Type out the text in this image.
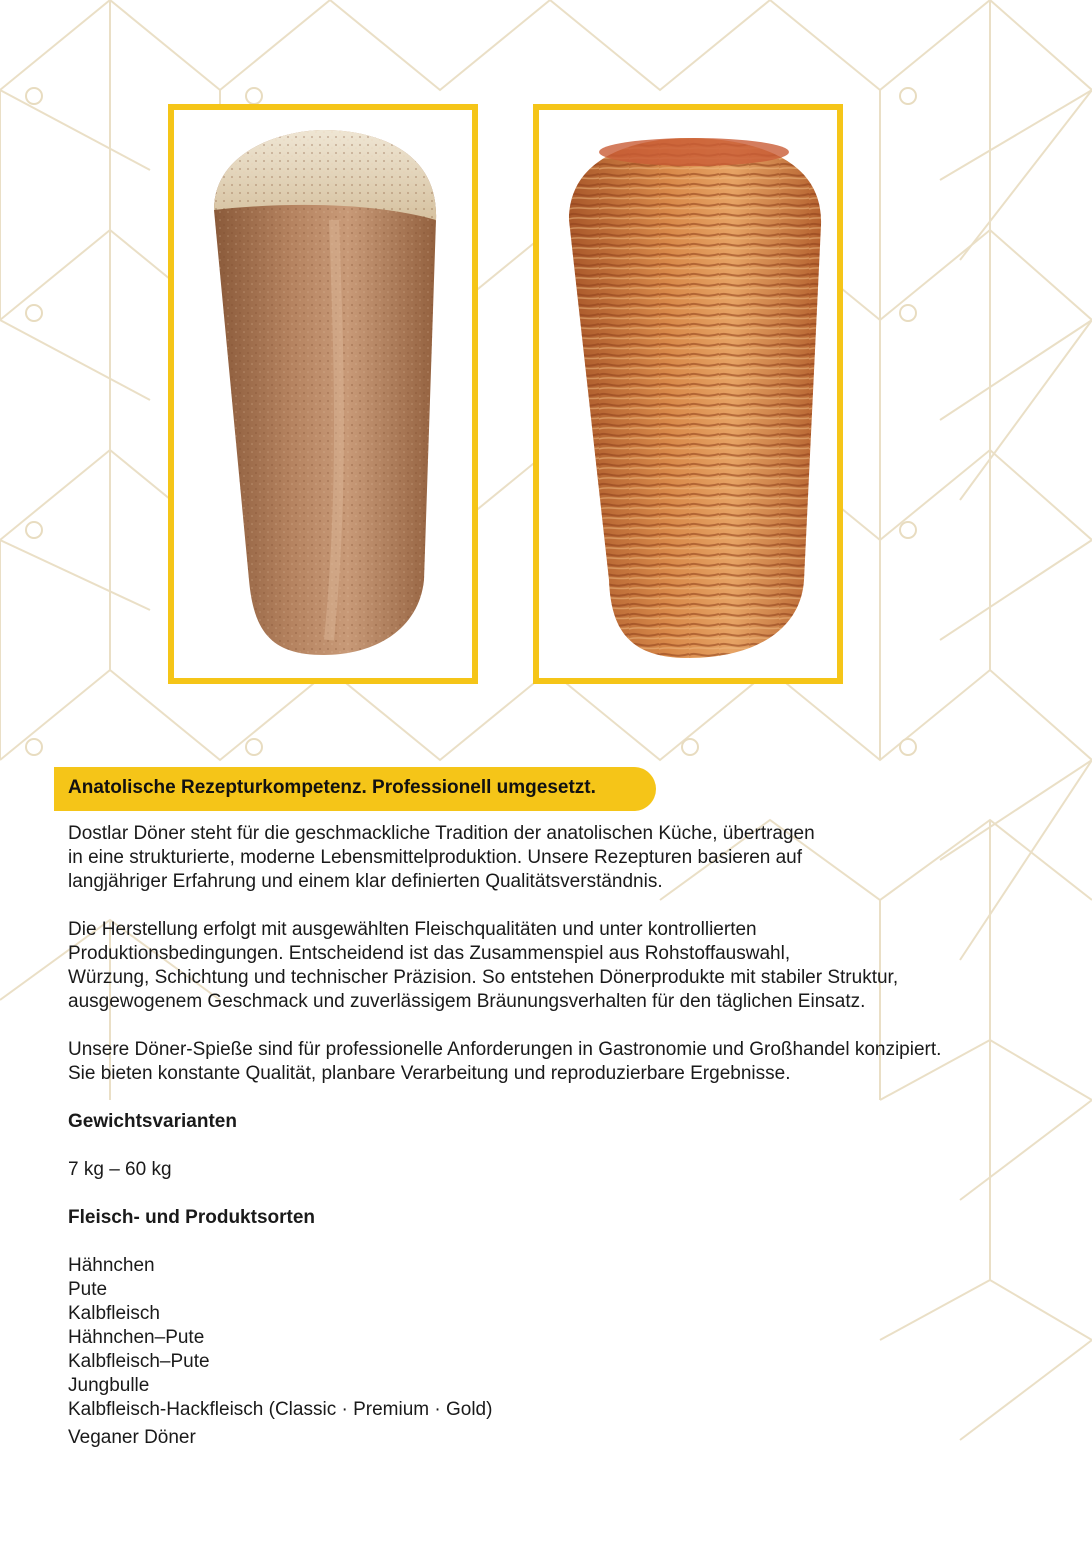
Anatolische Rezepturkompetenz. Professionell umgesetzt.

Dostlar Döner steht für die geschmackliche Tradition der anatolischen Küche, übertragen
in eine strukturierte, moderne Lebensmittelproduktion. Unsere Rezepturen basieren auf
langjähriger Erfahrung und einem klar definierten Qualitätsverständnis.

Die Herstellung erfolgt mit ausgewählten Fleischqualitäten und unter kontrollierten
Produktionsbedingungen. Entscheidend ist das Zusammenspiel aus Rohstoffauswahl,
Würzung, Schichtung und technischer Präzision. So entstehen Dönerprodukte mit stabiler Struktur,
ausgewogenem Geschmack und zuverlässigem Bräunungsverhalten für den täglichen Einsatz.

Unsere Döner-Spieße sind für professionelle Anforderungen in Gastronomie und Großhandel konzipiert.
Sie bieten konstante Qualität, planbare Verarbeitung und reproduzierbare Ergebnisse.

Gewichtsvarianten
7 kg – 60 kg
Fleisch- und Produktsorten
Hähnchen
Pute
Kalbfleisch
Hähnchen–Pute
Kalbfleisch–Pute
Jungbulle
Kalbfleisch-Hackfleisch (Classic · Premium · Gold)
Veganer Döner
